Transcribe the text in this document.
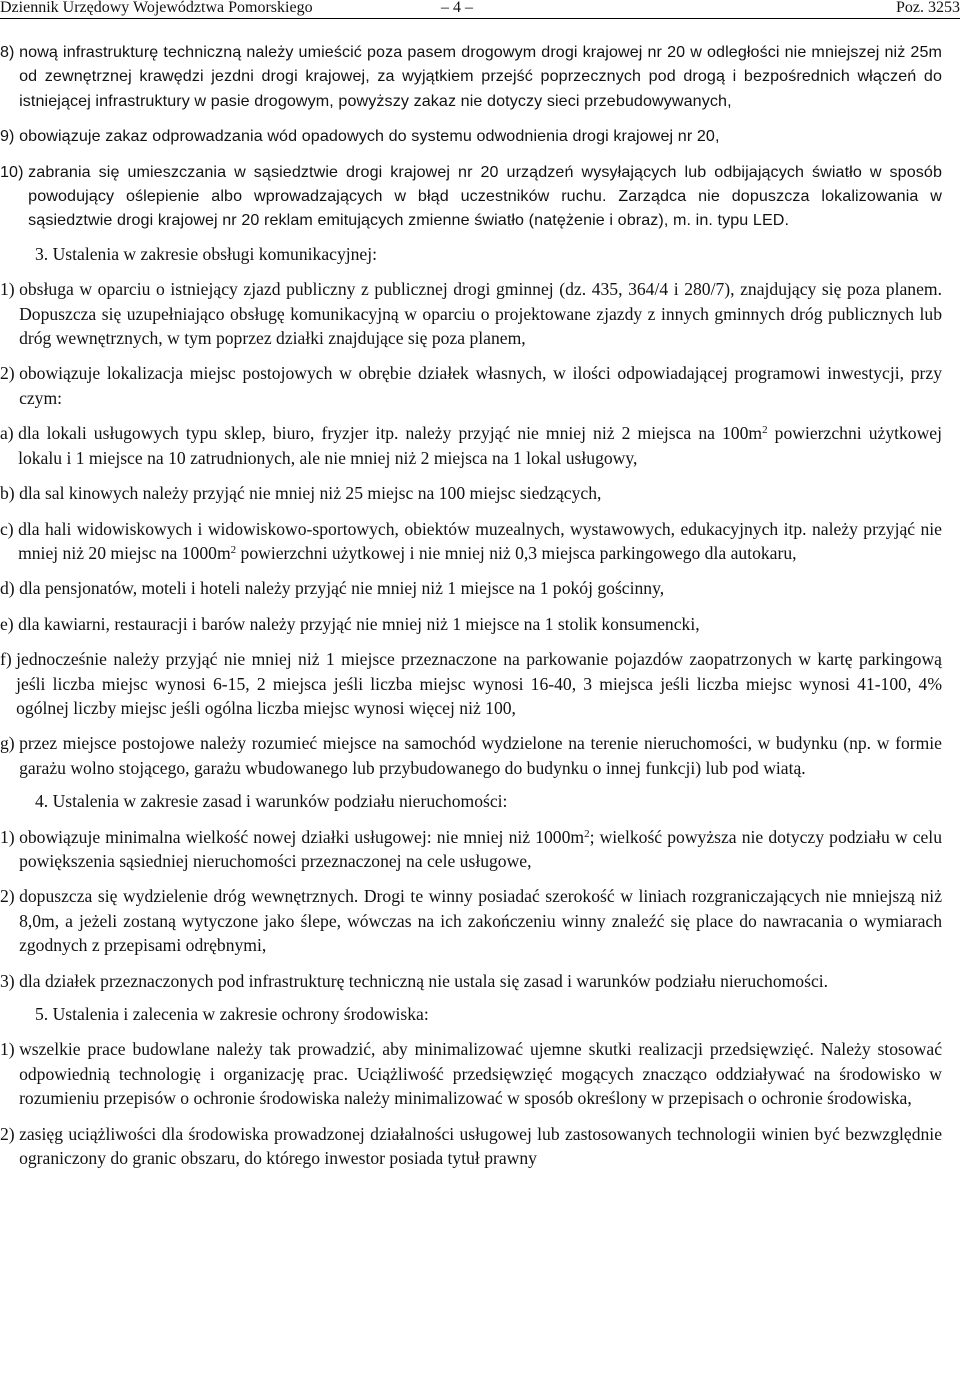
Dziennik Urzędowy Województwa Pomorskiego	– 4 –	Poz. 3253
8) nową infrastrukturę techniczną należy umieścić poza pasem drogowym drogi krajowej nr 20 w odległości nie mniejszej niż 25m od zewnętrznej krawędzi jezdni drogi krajowej, za wyjątkiem przejść poprzecznych pod drogą i bezpośrednich włączeń do istniejącej infrastruktury w pasie drogowym, powyższy zakaz nie dotyczy sieci przebudowywanych,
9) obowiązuje zakaz odprowadzania wód opadowych do systemu odwodnienia drogi krajowej nr 20,
10) zabrania się umieszczania w sąsiedztwie drogi krajowej nr 20 urządzeń wysyłających lub odbijających światło w sposób powodujący oślepienie albo wprowadzających w błąd uczestników ruchu. Zarządca nie dopuszcza lokalizowania w sąsiedztwie drogi krajowej nr 20 reklam emitujących zmienne światło (natężenie i obraz), m. in. typu LED.
3. Ustalenia w zakresie obsługi komunikacyjnej:
1) obsługa w oparciu o istniejący zjazd publiczny z publicznej drogi gminnej (dz. 435, 364/4 i 280/7), znajdujący się poza planem. Dopuszcza się uzupełniająco obsługę komunikacyjną w oparciu o projektowane zjazdy z innych gminnych dróg publicznych lub dróg wewnętrznych, w tym poprzez działki znajdujące się poza planem,
2) obowiązuje lokalizacja miejsc postojowych w obrębie działek własnych, w ilości odpowiadającej programowi inwestycji, przy czym:
a) dla lokali usługowych typu sklep, biuro, fryzjer itp. należy przyjąć nie mniej niż 2 miejsca na $100m^2$ powierzchni użytkowej lokalu i 1 miejsce na 10 zatrudnionych, ale nie mniej niż 2 miejsca na 1 lokal usługowy,
b) dla sal kinowych należy przyjąć nie mniej niż 25 miejsc na 100 miejsc siedzących,
c) dla hali widowiskowych i widowiskowo-sportowych, obiektów muzealnych, wystawowych, edukacyjnych itp. należy przyjąć nie mniej niż 20 miejsc na $1000m^2$ powierzchni użytkowej i nie mniej niż 0,3 miejsca parkingowego dla autokaru,
d) dla pensjonatów, moteli i hoteli należy przyjąć nie mniej niż 1 miejsce na 1 pokój gościnny,
e) dla kawiarni, restauracji i barów należy przyjąć nie mniej niż 1 miejsce na 1 stolik konsumencki,
f) jednocześnie należy przyjąć nie mniej niż 1 miejsce przeznaczone na parkowanie pojazdów zaopatrzonych w kartę parkingową jeśli liczba miejsc wynosi 6-15, 2 miejsca jeśli liczba miejsc wynosi 16-40, 3 miejsca jeśli liczba miejsc wynosi 41-100, 4% ogólnej liczby miejsc jeśli ogólna liczba miejsc wynosi więcej niż 100,
g) przez miejsce postojowe należy rozumieć miejsce na samochód wydzielone na terenie nieruchomości, w budynku (np. w formie garażu wolno stojącego, garażu wbudowanego lub przybudowanego do budynku o innej funkcji) lub pod wiatą.
4. Ustalenia w zakresie zasad i warunków podziału nieruchomości:
1) obowiązuje minimalna wielkość nowej działki usługowej: nie mniej niż $1000m^2$; wielkość powyższa nie dotyczy podziału w celu powiększenia sąsiedniej nieruchomości przeznaczonej na cele usługowe,
2) dopuszcza się wydzielenie dróg wewnętrznych. Drogi te winny posiadać szerokość w liniach rozgraniczających nie mniejszą niż 8,0m, a jeżeli zostaną wytyczone jako ślepe, wówczas na ich zakończeniu winny znaleźć się place do nawracania o wymiarach zgodnych z przepisami odrębnymi,
3) dla działek przeznaczonych pod infrastrukturę techniczną nie ustala się zasad i warunków podziału nieruchomości.
5. Ustalenia i zalecenia w zakresie ochrony środowiska:
1) wszelkie prace budowlane należy tak prowadzić, aby minimalizować ujemne skutki realizacji przedsięwzięć. Należy stosować odpowiednią technologię i organizację prac. Uciążliwość przedsięwzięć mogących znacząco oddziaływać na środowisko w rozumieniu przepisów o ochronie środowiska należy minimalizować w sposób określony w przepisach o ochronie środowiska,
2) zasięg uciążliwości dla środowiska prowadzonej działalności usługowej lub zastosowanych technologii winien być bezwzględnie ograniczony do granic obszaru, do którego inwestor posiada tytuł prawny
